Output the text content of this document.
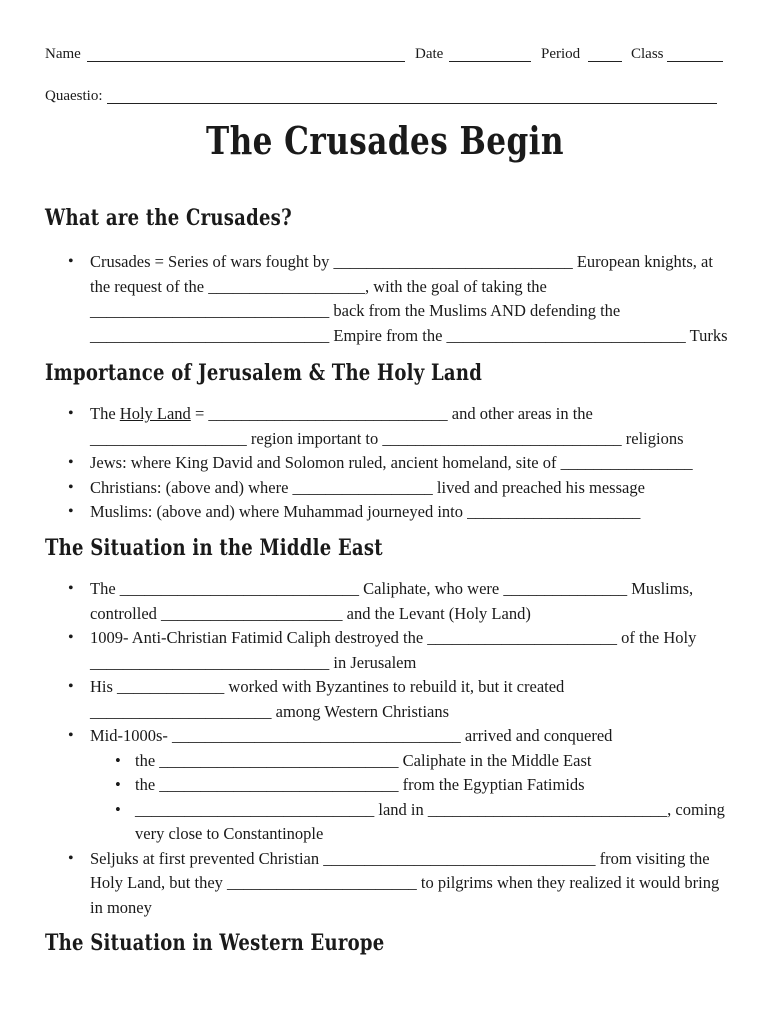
Name	Date	Period	Class
Quaestio:
The Crusades Begin
What are the Crusades?
• Crusades = Series of wars fought by _____________________________ European knights, at the request of the ___________________, with the goal of taking the _____________________________ back from the Muslims AND defending the _____________________________ Empire from the _____________________________ Turks
Importance of Jerusalem & The Holy Land
• The Holy Land = _____________________________ and other areas in the ___________________ region important to _____________________________ religions
• Jews: where King David and Solomon ruled, ancient homeland, site of ________________
• Christians: (above and) where _________________ lived and preached his message
• Muslims: (above and) where Muhammad journeyed into _____________________
The Situation in the Middle East
• The _____________________________ Caliphate, who were _______________ Muslims, controlled ______________________ and the Levant (Holy Land)
• 1009- Anti-Christian Fatimid Caliph destroyed the _______________________ of the Holy _____________________________ in Jerusalem
• His _____________ worked with Byzantines to rebuild it, but it created ______________________ among Western Christians
• Mid-1000s- ___________________________________ arrived and conquered
• the _____________________________ Caliphate in the Middle East
• the _____________________________ from the Egyptian Fatimids
• _____________________________ land in _____________________________, coming very close to Constantinople
• Seljuks at first prevented Christian _________________________________ from visiting the Holy Land, but they _______________________ to pilgrims when they realized it would bring in money
The Situation in Western Europe
